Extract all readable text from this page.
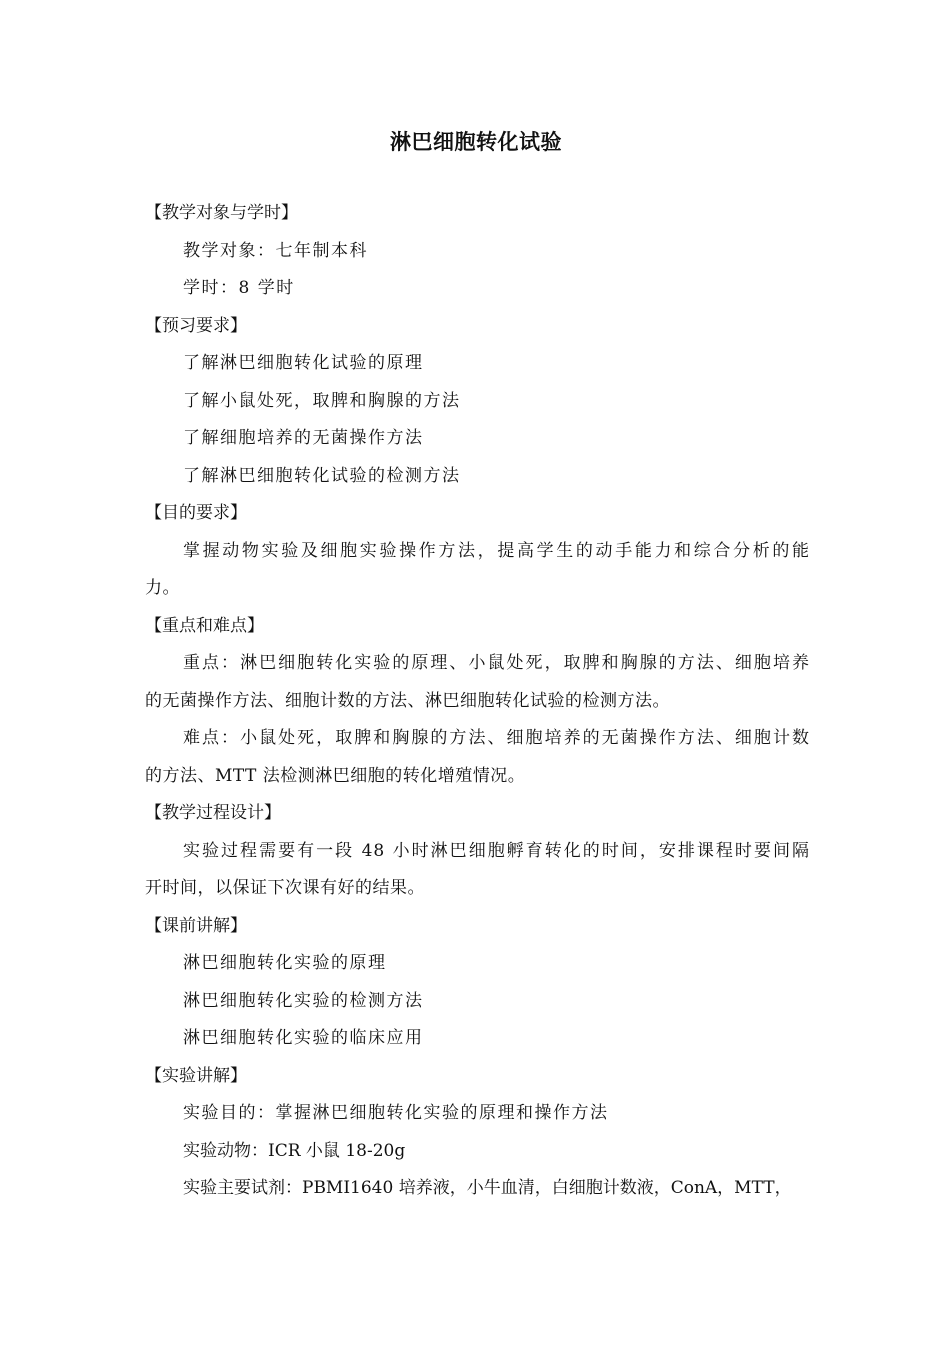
淋巴细胞转化试验
【教学对象与学时】
教学对象：七年制本科
学时：8 学时
【预习要求】
了解淋巴细胞转化试验的原理
了解小鼠处死，取脾和胸腺的方法
了解细胞培养的无菌操作方法
了解淋巴细胞转化试验的检测方法
【目的要求】
掌握动物实验及细胞实验操作方法，提高学生的动手能力和综合分析的能
力。
【重点和难点】
重点：淋巴细胞转化实验的原理、小鼠处死，取脾和胸腺的方法、细胞培养
的无菌操作方法、细胞计数的方法、淋巴细胞转化试验的检测方法。
难点：小鼠处死，取脾和胸腺的方法、细胞培养的无菌操作方法、细胞计数
的方法、MTT 法检测淋巴细胞的转化增殖情况。
【教学过程设计】
实验过程需要有一段 48 小时淋巴细胞孵育转化的时间，安排课程时要间隔
开时间，以保证下次课有好的结果。
【课前讲解】
淋巴细胞转化实验的原理
淋巴细胞转化实验的检测方法
淋巴细胞转化实验的临床应用
【实验讲解】
实验目的：掌握淋巴细胞转化实验的原理和操作方法
实验动物：ICR 小鼠 18-20g
实验主要试剂：PBMI1640 培养液，小牛血清，白细胞计数液，ConA，MTT，
